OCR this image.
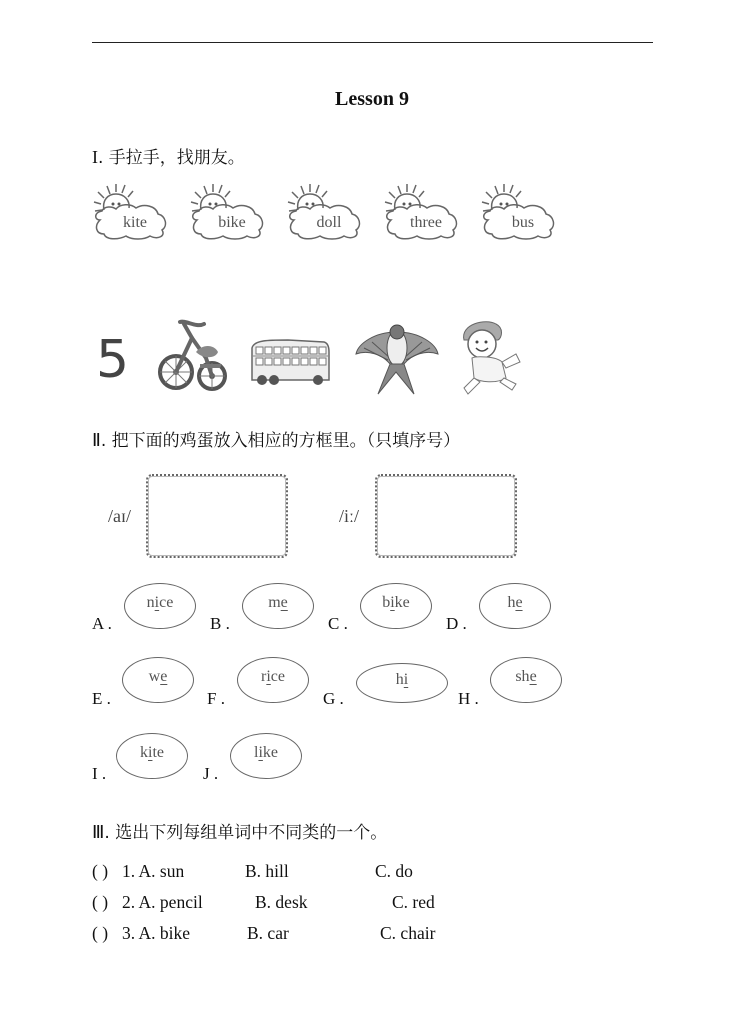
Lesson 9
I. 手拉手，找朋友。
kite	bike	doll	three	bus
5
Ⅱ. 把下面的鸡蛋放入相应的方框里。（只填序号）
/aɪ/	/iː/
A .
nice
B .
me
C .
bike
D .
he
E .
we
F .
rice
G .
hi
H .
she
I .
kite
J .
like
Ⅲ. 选出下列每组单词中不同类的一个。
( ) 1. A. sun	B. hill	C. do
( ) 2. A. pencil	B. desk	C. red
( ) 3. A. bike	B. car	C. chair
